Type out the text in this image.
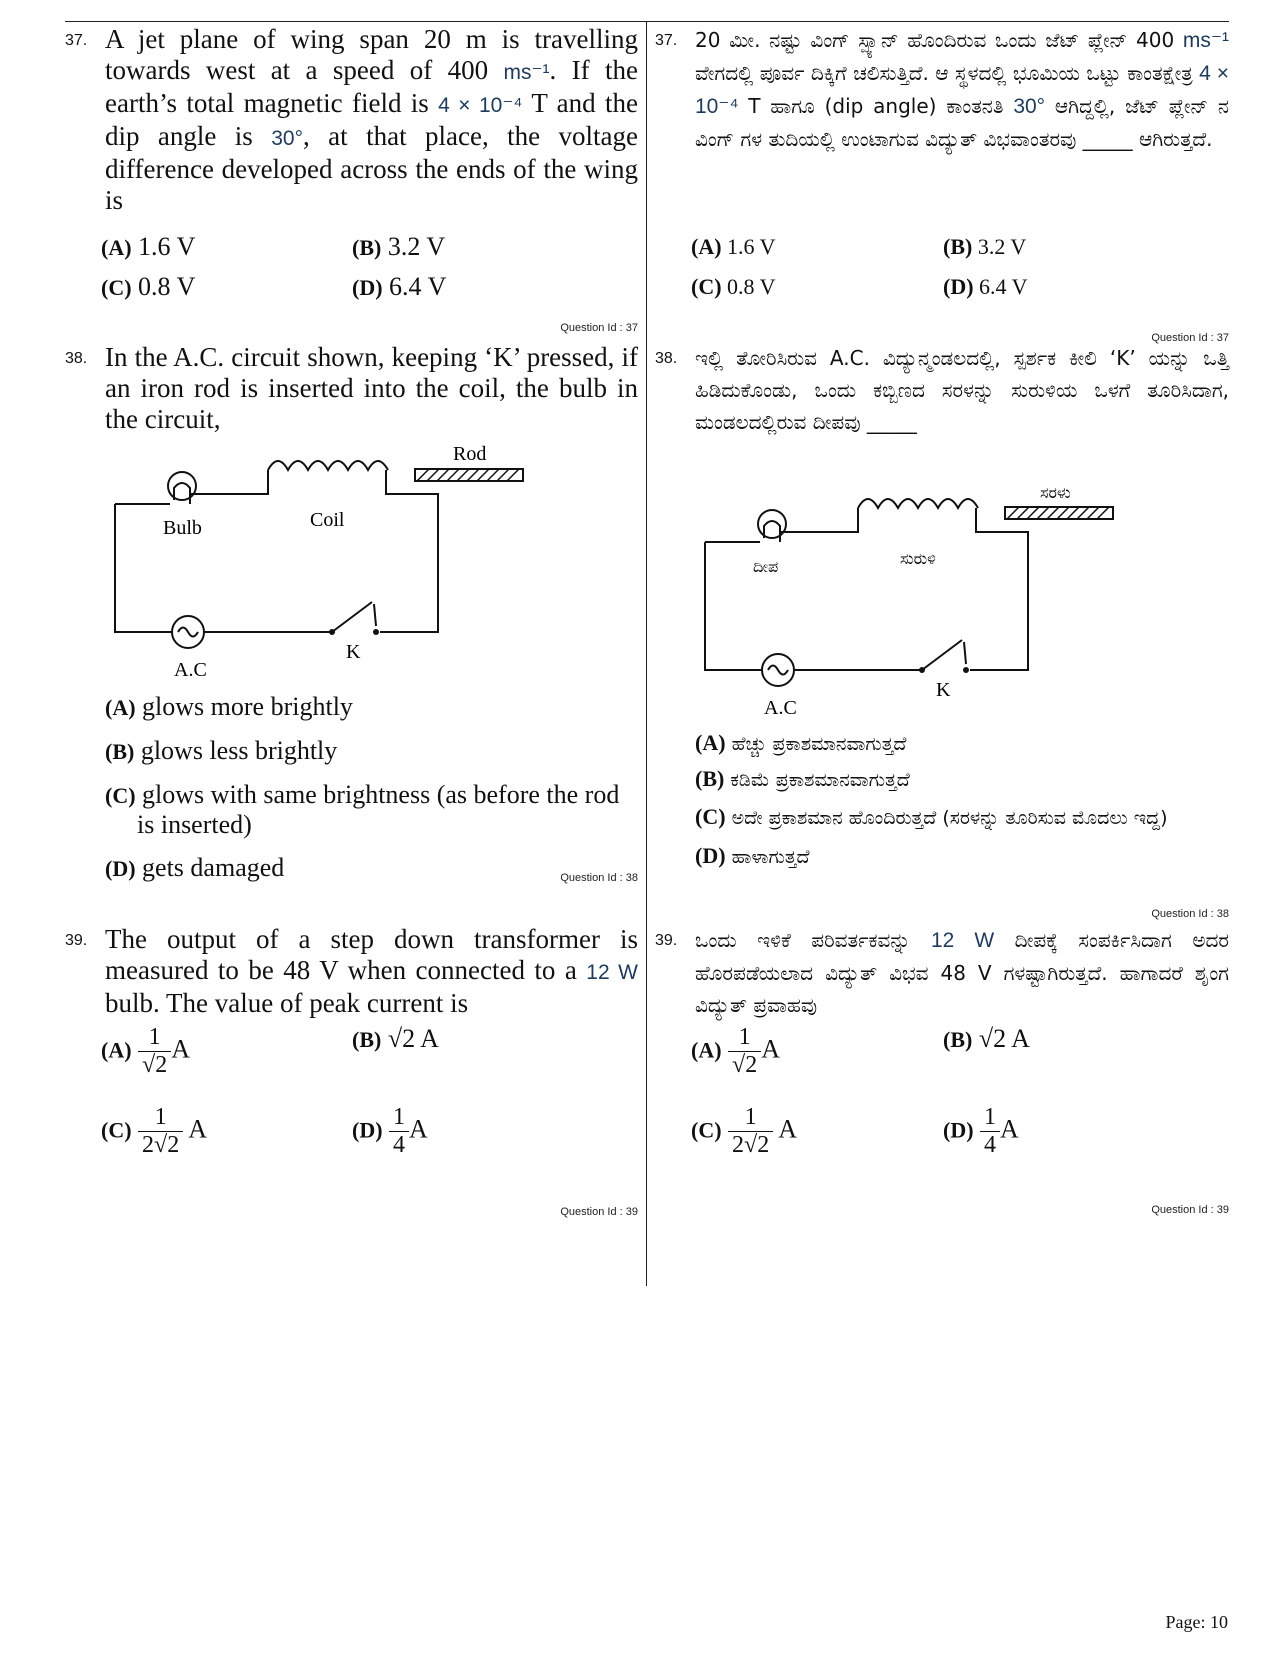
37. A jet plane of wing span 20 m is travelling towards west at a speed of 400 ms⁻¹. If the earth’s total magnetic field is 4 × 10⁻⁴ T and the dip angle is 30°, at that place, the voltage difference developed across the ends of the wing is
(A) 1.6 V	(B) 3.2 V
(C) 0.8 V	(D) 6.4 V
Question Id : 37
38. In the A.C. circuit shown, keeping ‘K’ pressed, if an iron rod is inserted into the coil, the bulb in the circuit,
Rod
Bulb	Coil
A.C
K
(A) glows more brightly
(B) glows less brightly
(C) glows with same brightness (as before the rod is inserted)
(D) gets damaged	Question Id : 38
39. The output of a step down transformer is measured to be 48 V when connected to a 12 W bulb. The value of peak current is
$(A) \frac{1}{√2}$ A	(B) √2 A
$(C) \frac{1}{2√2}$ A	$(D) \frac{1}{4}$ A
Question Id : 39
37. 20 ಮೀ. ನಷ್ಟು ವಿಂಗ್ ಸ್ಪ್ಯಾನ್ ಹೊಂದಿರುವ ಒಂದು ಜೆಟ್ ಪ್ಲೇನ್ 400 ms⁻¹ ವೇಗದಲ್ಲಿ ಪೂರ್ವ ದಿಕ್ಕಿಗೆ ಚಲಿಸುತ್ತಿದೆ. ಆ ಸ್ಥಳದಲ್ಲಿ ಭೂಮಿಯ ಒಟ್ಟು ಕಾಂತಕ್ಷೇತ್ರ 4 × 10⁻⁴ T ಹಾಗೂ (dip angle) ಕಾಂತನತಿ 30° ಆಗಿದ್ದಲ್ಲಿ, ಜೆಟ್ ಪ್ಲೇನ್ ನ ವಿಂಗ್ ಗಳ ತುದಿಯಲ್ಲಿ ಉಂಟಾಗುವ ವಿದ್ಯುತ್ ವಿಭವಾಂತರವು _____ ಆಗಿರುತ್ತದೆ.
(A) 1.6 V	(B) 3.2 V
(C) 0.8 V	(D) 6.4 V
Question Id : 37
38. ಇಲ್ಲಿ ತೋರಿಸಿರುವ A.C. ವಿದ್ಯುನ್ಮಂಡಲದಲ್ಲಿ, ಸ್ಪರ್ಶಕ ಕೀಲಿ ‘K’ ಯನ್ನು ಒತ್ತಿ ಹಿಡಿದುಕೊಂಡು, ಒಂದು ಕಬ್ಬಿಣದ ಸರಳನ್ನು ಸುರುಳಿಯ ಒಳಗೆ ತೂರಿಸಿದಾಗ, ಮಂಡಲದಲ್ಲಿರುವ ದೀಪವು _____
ಸರಳು
ದೀಪ	ಸುರುಳಿ
A.C
K
(A) ಹೆಚ್ಚು ಪ್ರಕಾಶಮಾನವಾಗುತ್ತದೆ
(B) ಕಡಿಮೆ ಪ್ರಕಾಶಮಾನವಾಗುತ್ತದೆ
(C) ಅದೇ ಪ್ರಕಾಶಮಾನ ಹೊಂದಿರುತ್ತದೆ (ಸರಳನ್ನು ತೂರಿಸುವ ಮೊದಲು ಇದ್ದ)
(D) ಹಾಳಾಗುತ್ತದೆ
Question Id : 38
39. ಒಂದು ಇಳಿಕೆ ಪರಿವರ್ತಕವನ್ನು 12 W ದೀಪಕ್ಕೆ ಸಂಪರ್ಕಿಸಿದಾಗ ಅದರ ಹೊರಪಡೆಯಲಾದ ವಿದ್ಯುತ್ ವಿಭವ 48 V ಗಳಷ್ಟಾಗಿರುತ್ತದೆ. ಹಾಗಾದರೆ ಶೃಂಗ ವಿದ್ಯುತ್ ಪ್ರವಾಹವು
$(A) \frac{1}{√2}$ A	(B) √2 A
$(C) \frac{1}{2√2}$ A	$(D) \frac{1}{4}$ A
Question Id : 39
Page: 10
